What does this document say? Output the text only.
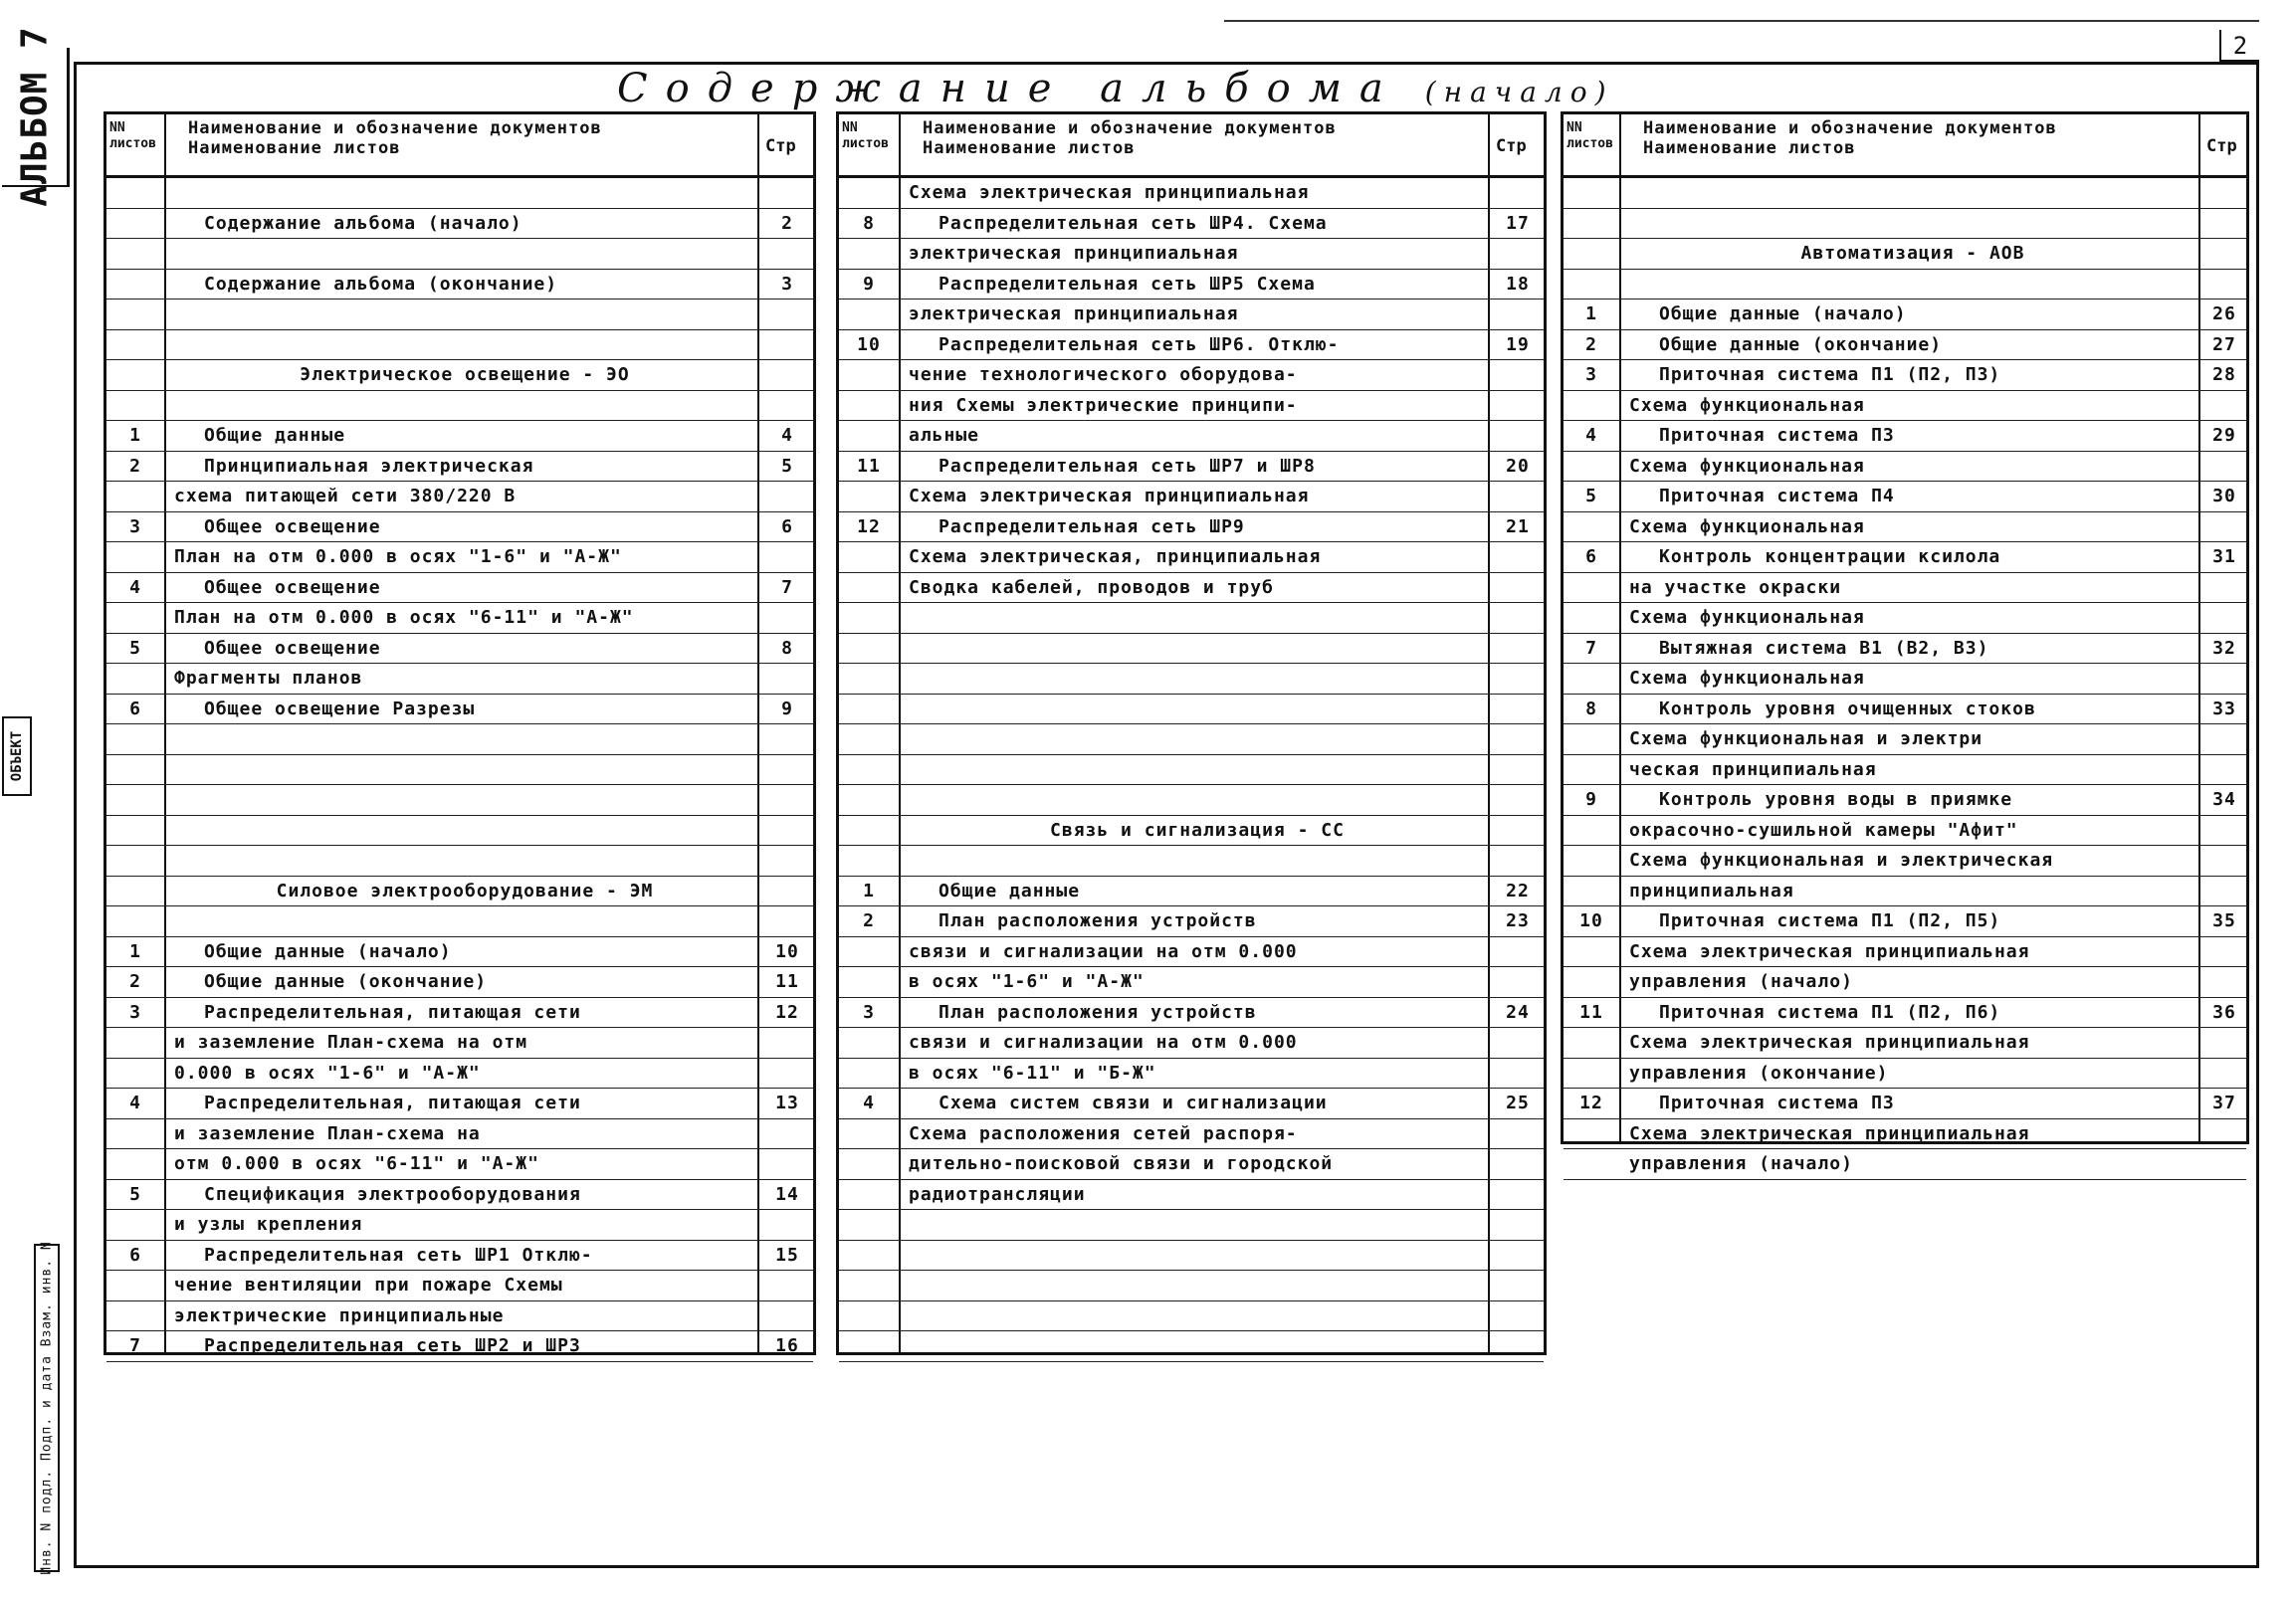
2
АЛЬБОМ 7
ОБЪЕКТ
Инв. N подл. Подп. и дата Взам. инв. N
Содержание альбома (начало)
NN листов
Наименование и обозначение документов
Наименование листов	Стр
Содержание альбома (начало)	2
Содержание альбома (окончание)	3
Электрическое освещение - ЭО
1	Общие данные	4
2	Принципиальная электрическая	5
схема питающей сети 380/220 В
3	Общее освещение	6
План на отм 0.000 в осях "1-6" и "А-Ж"
4	Общее освещение	7
План на отм 0.000 в осях "6-11" и "А-Ж"
5	Общее освещение	8
Фрагменты планов
6	Общее освещение Разрезы	9
Силовое электрооборудование - ЭМ
1	Общие данные (начало)	10
2	Общие данные (окончание)	11
3	Распределительная, питающая сети	12
и заземление План-схема на отм
0.000 в осях "1-6" и "А-Ж"
4	Распределительная, питающая сети	13
и заземление План-схема на
отм 0.000 в осях "6-11" и "А-Ж"
5	Спецификация электрооборудования	14
и узлы крепления
6	Распределительная сеть ШР1 Отклю-	15
чение вентиляции при пожаре Схемы
электрические принципиальные
7	Распределительная сеть ШР2 и ШР3	16
NN листов
Наименование и обозначение документов
Наименование листов	Стр
Схема электрическая принципиальная
8	Распределительная сеть ШР4. Схема	17
электрическая принципиальная
9	Распределительная сеть ШР5 Схема	18
электрическая принципиальная
10	Распределительная сеть ШР6. Отклю-	19
чение технологического оборудова-
ния Схемы электрические принципи-
альные
11	Распределительная сеть ШР7 и ШР8	20
Схема электрическая принципиальная
12	Распределительная сеть ШР9	21
Схема электрическая, принципиальная
Сводка кабелей, проводов и труб
Связь и сигнализация - СС
1	Общие данные	22
2	План расположения устройств	23
связи и сигнализации на отм 0.000
в осях "1-6" и "А-Ж"
3	План расположения устройств	24
связи и сигнализации на отм 0.000
в осях "6-11" и "Б-Ж"
4	Схема систем связи и сигнализации	25
Схема расположения сетей распоря-
дительно-поисковой связи и городской
радиотрансляции
NN листов
Наименование и обозначение документов
Наименование листов	Стр
Автоматизация - АОВ
1	Общие данные (начало)	26
2	Общие данные (окончание)	27
3	Приточная система П1 (П2, П3)	28
Схема функциональная
4	Приточная система П3	29
Схема функциональная
5	Приточная система П4	30
Схема функциональная
6	Контроль концентрации ксилола	31
на участке окраски
Схема функциональная
7	Вытяжная система В1 (В2, В3)	32
Схема функциональная
8	Контроль уровня очищенных стоков	33
Схема функциональная и электри
ческая принципиальная
9	Контроль уровня воды в приямке	34
окрасочно-сушильной камеры "Афит"
Схема функциональная и электрическая
принципиальная
10	Приточная система П1 (П2, П5)	35
Схема электрическая принципиальная
управления (начало)
11	Приточная система П1 (П2, П6)	36
Схема электрическая принципиальная
управления (окончание)
12	Приточная система П3	37
Схема электрическая принципиальная
управления (начало)
